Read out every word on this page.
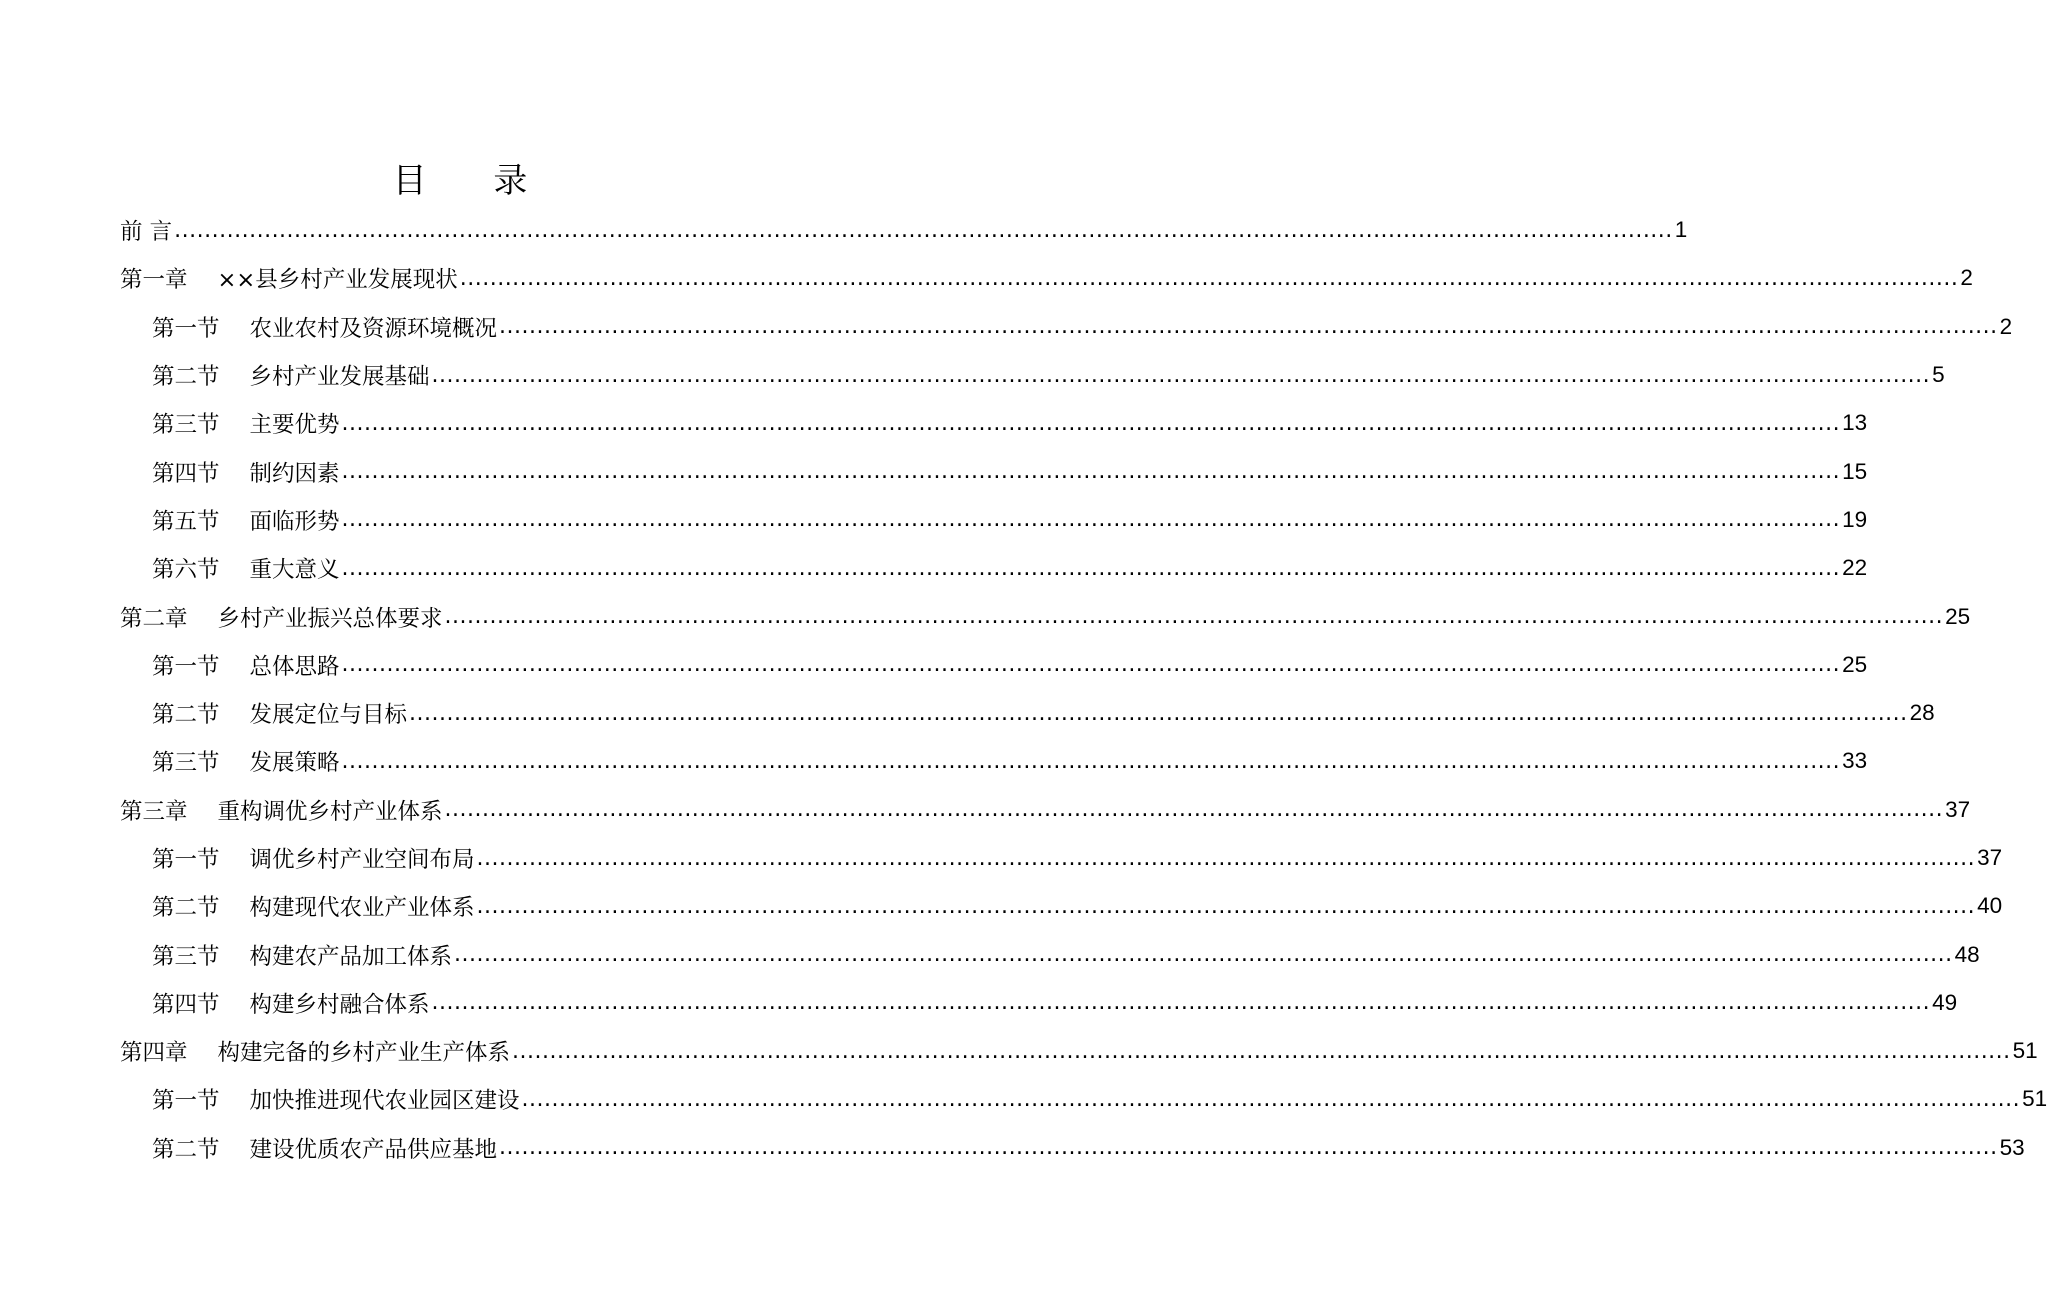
目 录
前 言 ........................................................................................................................................................................................................ 1
第一章 ××县乡村产业发展现状 ........................................................................................................................................................................................................ 2
第一节 农业农村及资源环境概况 ........................................................................................................................................................................................................ 2
第二节 乡村产业发展基础 ........................................................................................................................................................................................................ 5
第三节 主要优势 ........................................................................................................................................................................................................ 13
第四节 制约因素 ........................................................................................................................................................................................................ 15
第五节 面临形势 ........................................................................................................................................................................................................ 19
第六节 重大意义 ........................................................................................................................................................................................................ 22
第二章 乡村产业振兴总体要求 ........................................................................................................................................................................................................ 25
第一节 总体思路 ........................................................................................................................................................................................................ 25
第二节 发展定位与目标 ........................................................................................................................................................................................................ 28
第三节 发展策略 ........................................................................................................................................................................................................ 33
第三章 重构调优乡村产业体系 ........................................................................................................................................................................................................ 37
第一节 调优乡村产业空间布局 ........................................................................................................................................................................................................ 37
第二节 构建现代农业产业体系 ........................................................................................................................................................................................................ 40
第三节 构建农产品加工体系 ........................................................................................................................................................................................................ 48
第四节 构建乡村融合体系 ........................................................................................................................................................................................................ 49
第四章 构建完备的乡村产业生产体系 ........................................................................................................................................................................................................ 51
第一节 加快推进现代农业园区建设 ........................................................................................................................................................................................................ 51
第二节 建设优质农产品供应基地 ........................................................................................................................................................................................................ 53
